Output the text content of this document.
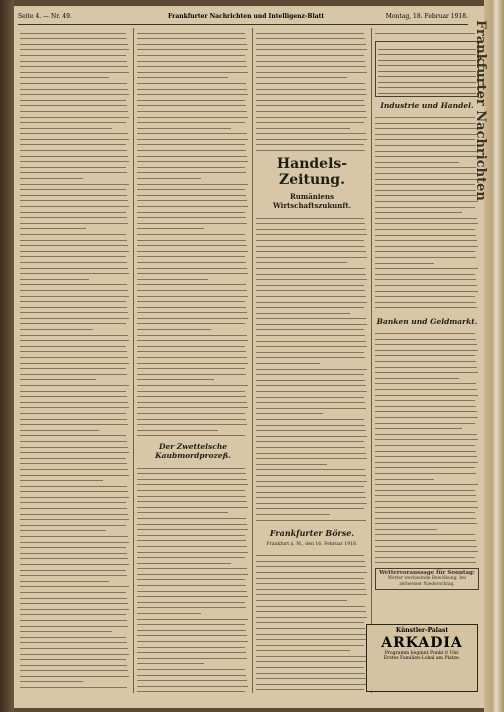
Seite 4. — Nr. 49.	Frankfurter Nachrichten und Intelligenz-Blatt	Montag, 18. Februar 1918.
Der Zwettelsche Kaubmordprozeß.
Handels-Zeitung.
Rumäniens Wirtschaftszukunft.
Frankfurter Börse.
Frankfurt a. M., den 16. Februar 1918.

Industrie und Handel.
Banken und Geldmarkt.
Wettervoraussage für Sonntag:
Wetter wechselnde Bewölkung, bei zeitweiser Niederschlag.
Künstler-Palast
ARKADIA
Programm beginnt Punkt 8 Uhr.
Erstes Familien-Lokal am Platze.
Frankfurter Nachrichten
